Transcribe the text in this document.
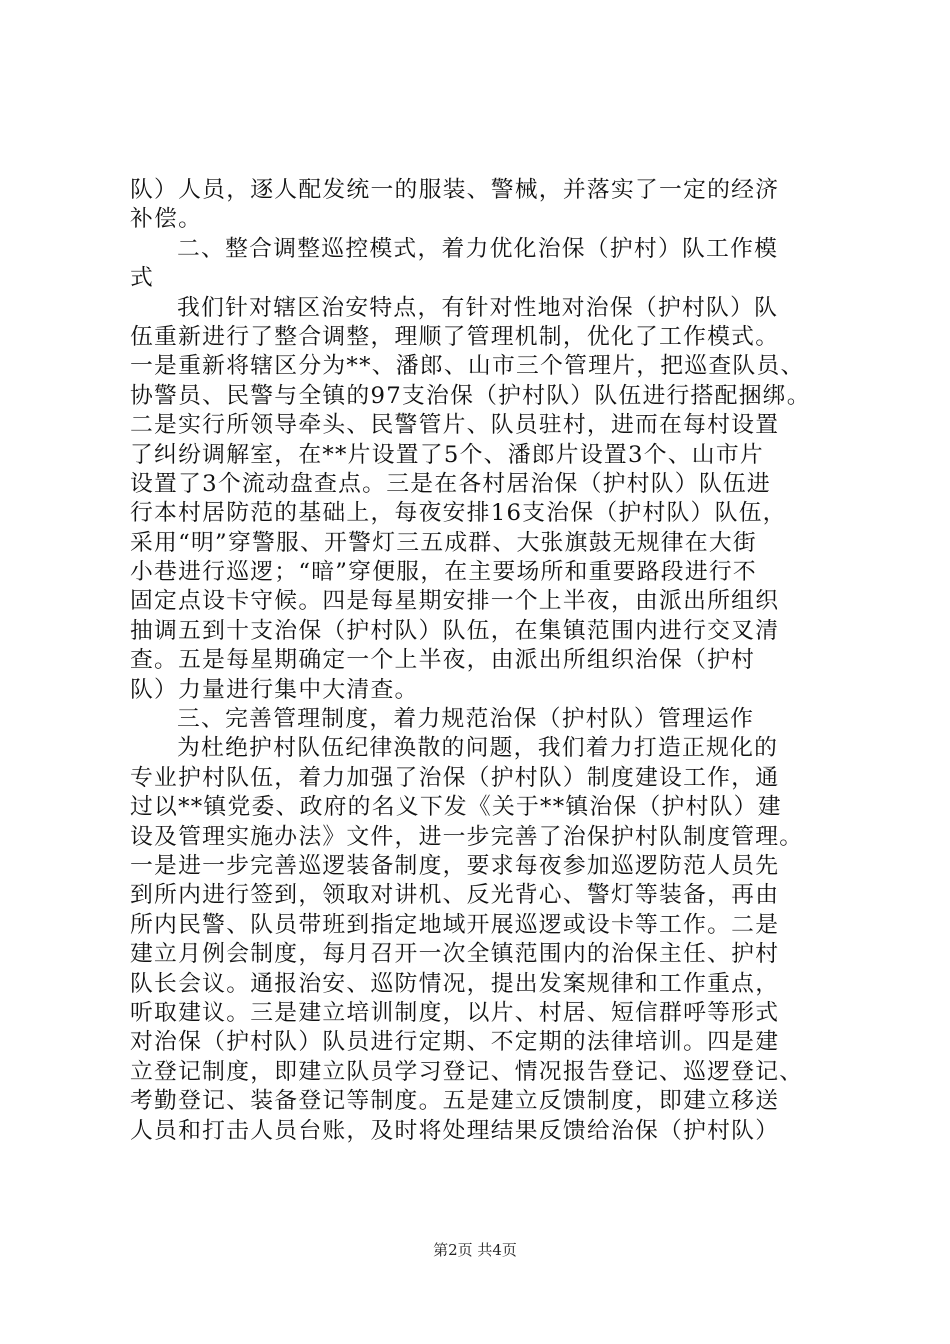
队）人员，逐人配发统一的服装、警械，并落实了一定的经济
补偿。
二、整合调整巡控模式，着力优化治保（护村）队工作模
式
我们针对辖区治安特点，有针对性地对治保（护村队）队
伍重新进行了整合调整，理顺了管理机制，优化了工作模式。
一是重新将辖区分为**、潘郎、山市三个管理片，把巡查队员、
协警员、民警与全镇的97支治保（护村队）队伍进行搭配捆绑。
二是实行所领导牵头、民警管片、队员驻村，进而在每村设置
了纠纷调解室，在**片设置了5个、潘郎片设置3个、山市片
设置了3个流动盘查点。三是在各村居治保（护村队）队伍进
行本村居防范的基础上，每夜安排16支治保（护村队）队伍，
采用“明”穿警服、开警灯三五成群、大张旗鼓无规律在大街
小巷进行巡逻；“暗”穿便服，在主要场所和重要路段进行不
固定点设卡守候。四是每星期安排一个上半夜，由派出所组织
抽调五到十支治保（护村队）队伍，在集镇范围内进行交叉清
查。五是每星期确定一个上半夜，由派出所组织治保（护村
队）力量进行集中大清查。
三、完善管理制度，着力规范治保（护村队）管理运作
为杜绝护村队伍纪律涣散的问题，我们着力打造正规化的
专业护村队伍，着力加强了治保（护村队）制度建设工作，通
过以**镇党委、政府的名义下发《关于**镇治保（护村队）建
设及管理实施办法》文件，进一步完善了治保护村队制度管理。
一是进一步完善巡逻装备制度，要求每夜参加巡逻防范人员先
到所内进行签到，领取对讲机、反光背心、警灯等装备，再由
所内民警、队员带班到指定地域开展巡逻或设卡等工作。二是
建立月例会制度，每月召开一次全镇范围内的治保主任、护村
队长会议。通报治安、巡防情况，提出发案规律和工作重点，
听取建议。三是建立培训制度，以片、村居、短信群呼等形式
对治保（护村队）队员进行定期、不定期的法律培训。四是建
立登记制度，即建立队员学习登记、情况报告登记、巡逻登记、
考勤登记、装备登记等制度。五是建立反馈制度，即建立移送
人员和打击人员台账，及时将处理结果反馈给治保（护村队）
第2页 共4页
